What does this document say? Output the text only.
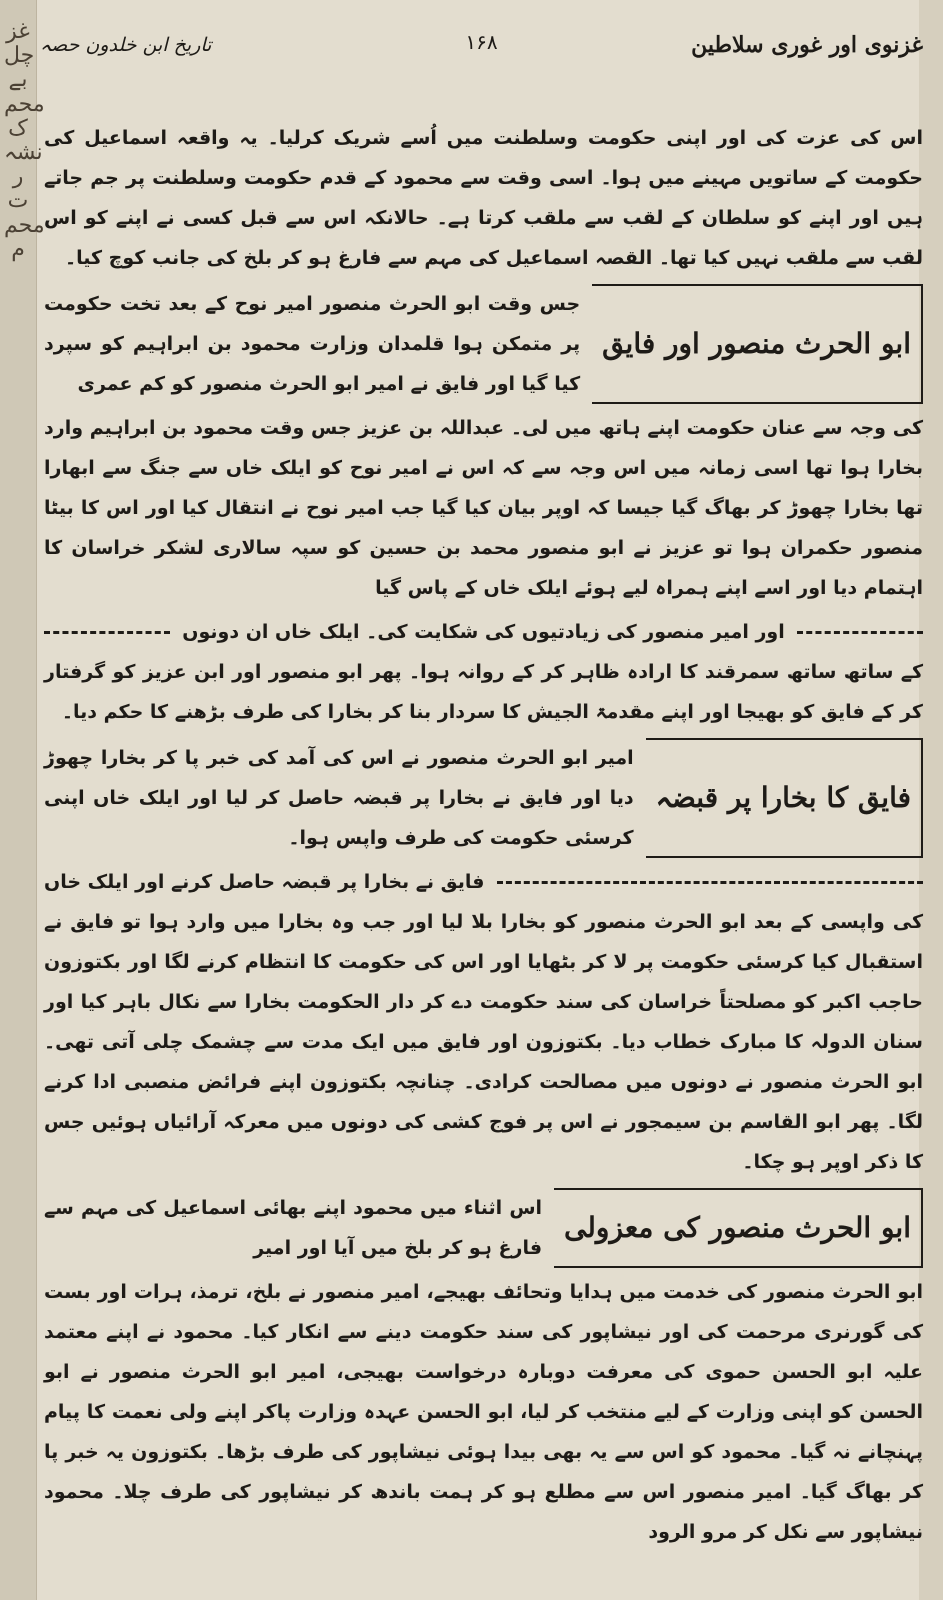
غز
چل
بے
محم
ک
نشہ
ر
ت
محم
م
غزنوی اور غوری سلاطین
۱۶۸
تاریخ ابن خلدون حصہ

اس کی عزت کی اور اپنی حکومت وسلطنت میں اُسے شریک کرلیا۔ یہ واقعہ اسماعیل کی حکومت کے ساتویں مہینے میں ہوا۔ اسی وقت سے محمود کے قدم حکومت وسلطنت پر جم جاتے ہیں اور اپنے کو سلطان کے لقب سے ملقب کرتا ہے۔ حالانکہ اس سے قبل کسی نے اپنے کو اس لقب سے ملقب نہیں کیا تھا۔ القصہ اسماعیل کی مہم سے فارغ ہو کر بلخ کی جانب کوچ کیا۔

ابو الحرث منصور اور فایق
جس وقت ابو الحرث منصور امیر نوح کے بعد تخت حکومت پر متمکن ہوا قلمدان وزارت محمود بن ابراہیم کو سپرد کیا گیا اور فایق نے امیر ابو الحرث منصور کو کم عمری

کی وجہ سے عنان حکومت اپنے ہاتھ میں لی۔ عبداللہ بن عزیز جس وقت محمود بن ابراہیم وارد بخارا ہوا تھا اسی زمانہ میں اس وجہ سے کہ اس نے امیر نوح کو ایلک خاں سے جنگ سے ابھارا تھا بخارا چھوڑ کر بھاگ گیا جیسا کہ اوپر بیان کیا گیا جب امیر نوح نے انتقال کیا اور اس کا بیٹا منصور حکمران ہوا تو عزیز نے ابو منصور محمد بن حسین کو سپہ سالاری لشکر خراسان کا اہتمام دیا اور اسے اپنے ہمراہ لیے ہوئے ایلک خاں کے پاس گیا

اور امیر منصور کی زیادتیوں کی شکایت کی۔ ایلک خاں ان دونوں

کے ساتھ ساتھ سمرقند کا ارادہ ظاہر کر کے روانہ ہوا۔ پھر ابو منصور اور ابن عزیز کو گرفتار کر کے فایق کو بھیجا اور اپنے مقدمۃ الجیش کا سردار بنا کر بخارا کی طرف بڑھنے کا حکم دیا۔

فایق کا بخارا پر قبضہ
امیر ابو الحرث منصور نے اس کی آمد کی خبر پا کر بخارا چھوڑ دیا اور فایق نے بخارا پر قبضہ حاصل کر لیا اور ایلک خاں اپنی کرسئی حکومت کی طرف واپس ہوا۔
فایق نے بخارا پر قبضہ حاصل کرنے اور ایلک خاں

کی واپسی کے بعد ابو الحرث منصور کو بخارا بلا لیا اور جب وہ بخارا میں وارد ہوا تو فایق نے استقبال کیا کرسئی حکومت پر لا کر بٹھایا اور اس کی حکومت کا انتظام کرنے لگا اور بکتوزون حاجب اکبر کو مصلحتاً خراسان کی سند حکومت دے کر دار الحکومت بخارا سے نکال باہر کیا اور سنان الدولہ کا مبارک خطاب دیا۔ بکتوزون اور فایق میں ایک مدت سے چشمک چلی آتی تھی۔ ابو الحرث منصور نے دونوں میں مصالحت کرادی۔ چنانچہ بکتوزون اپنے فرائض منصبی ادا کرنے لگا۔ پھر ابو القاسم بن سیمجور نے اس پر فوج کشی کی دونوں میں معرکہ آرائیاں ہوئیں جس کا ذکر اوپر ہو چکا۔

ابو الحرث منصور کی معزولی
اس اثناء میں محمود اپنے بھائی اسماعیل کی مہم سے فارغ ہو کر بلخ میں آیا اور امیر

ابو الحرث منصور کی خدمت میں ہدایا وتحائف بھیجے، امیر منصور نے بلخ، ترمذ، ہرات اور بست کی گورنری مرحمت کی اور نیشاپور کی سند حکومت دینے سے انکار کیا۔ محمود نے اپنے معتمد علیہ ابو الحسن حموی کی معرفت دوبارہ درخواست بھیجی، امیر ابو الحرث منصور نے ابو الحسن کو اپنی وزارت کے لیے منتخب کر لیا، ابو الحسن عہدہ وزارت پاکر اپنے ولی نعمت کا پیام پہنچانے نہ گیا۔ محمود کو اس سے یہ بھی بیدا ہوئی نیشاپور کی طرف بڑھا۔ بکتوزون یہ خبر پا کر بھاگ گیا۔ امیر منصور اس سے مطلع ہو کر ہمت باندھ کر نیشاپور کی طرف چلا۔ محمود نیشاپور سے نکل کر مرو الرود
